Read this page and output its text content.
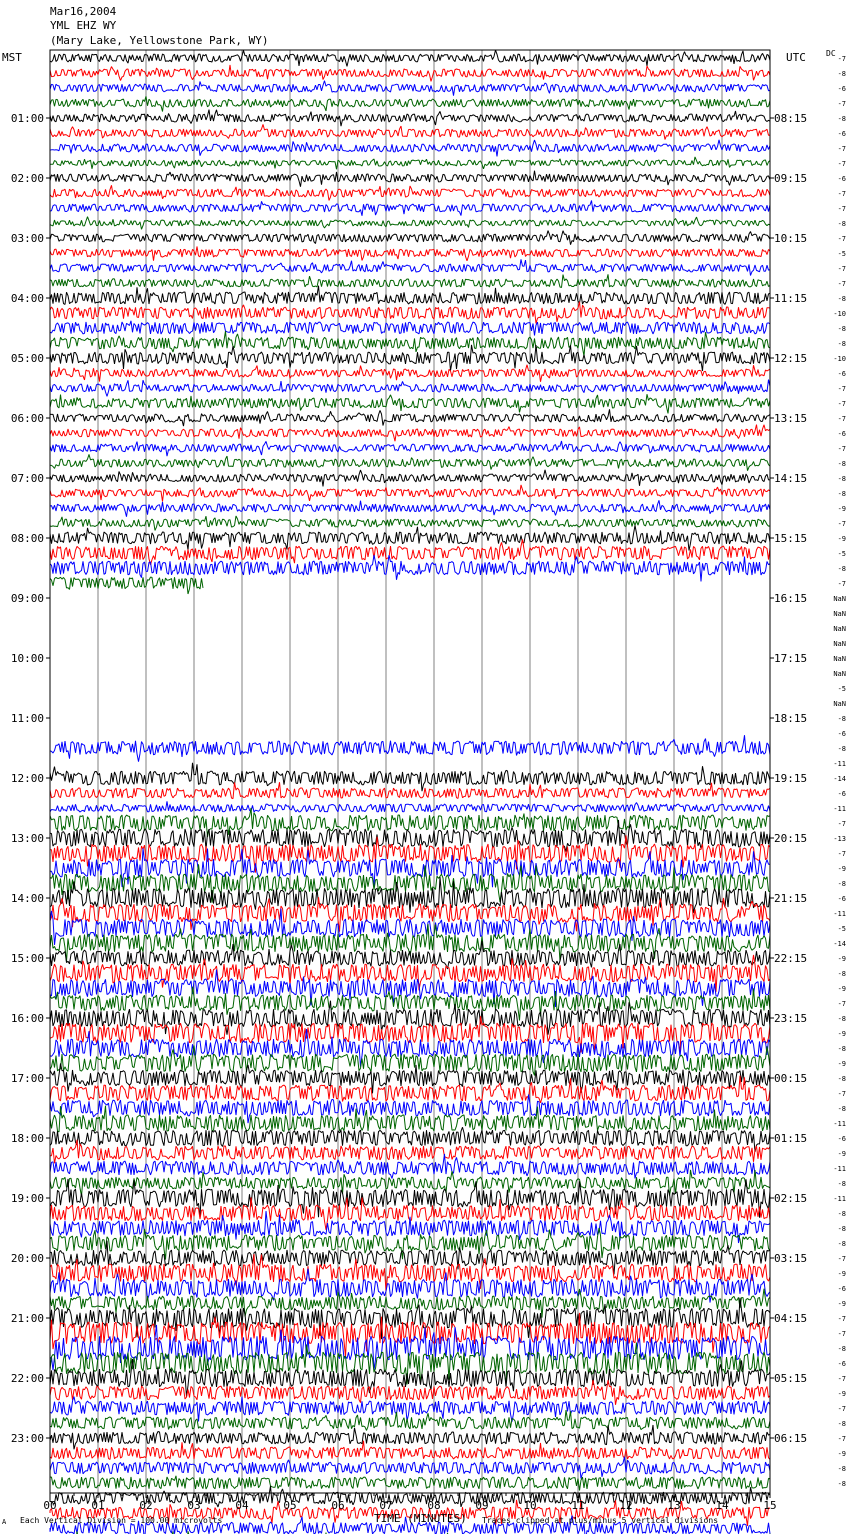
Mar16,2004
YML EHZ WY
(Mary Lake, Yellowstone Park, WY)
MST	UTC	DC
01:00	08:15
02:00	09:15
03:00	10:15
04:00	11:15
05:00	12:15
06:00	13:15
07:00	14:15
08:00	15:15
09:00	16:15
10:00	17:15
11:00	18:15
12:00	19:15
13:00	20:15
14:00	21:15
15:00	22:15
16:00	23:15
17:00	00:15
18:00	01:15
19:00	02:15
20:00	03:15
21:00	04:15
22:00	05:15
23:00	06:15
-7
-8
-6
-7
-8
-6
-7
-7
-6
-7
-7
-8
-7
-5
-7
-7
-8
-10
-8
-8
-10
-6
-7
-7
-7
-6
-7
-8
-8
-8
-9
-7
-9
-5
-8
-7
NaN
NaN
NaN
NaN
NaN
NaN
-5
NaN
-8
-6
-8
-11
-14
-6
-11
-7
-13
-7
-9
-8
-6
-11
-5
-14
-9
-8
-9
-7
-8
-9
-8
-9
-8
-7
-8
-11
-6
-9
-11
-8
-11
-8
-8
-8
-7
-9
-6
-9
-7
-7
-8
-6
-7
-9
-7
-8
-7
-9
-8
-8
00	01	02	03	04	05	06	07	08	09	10	11	12	13	14	15
TIME (MINUTES)
A Each Vertical Division = 100.00 microvolts	Traces clipped at plus/minus 5 vertical divisions
